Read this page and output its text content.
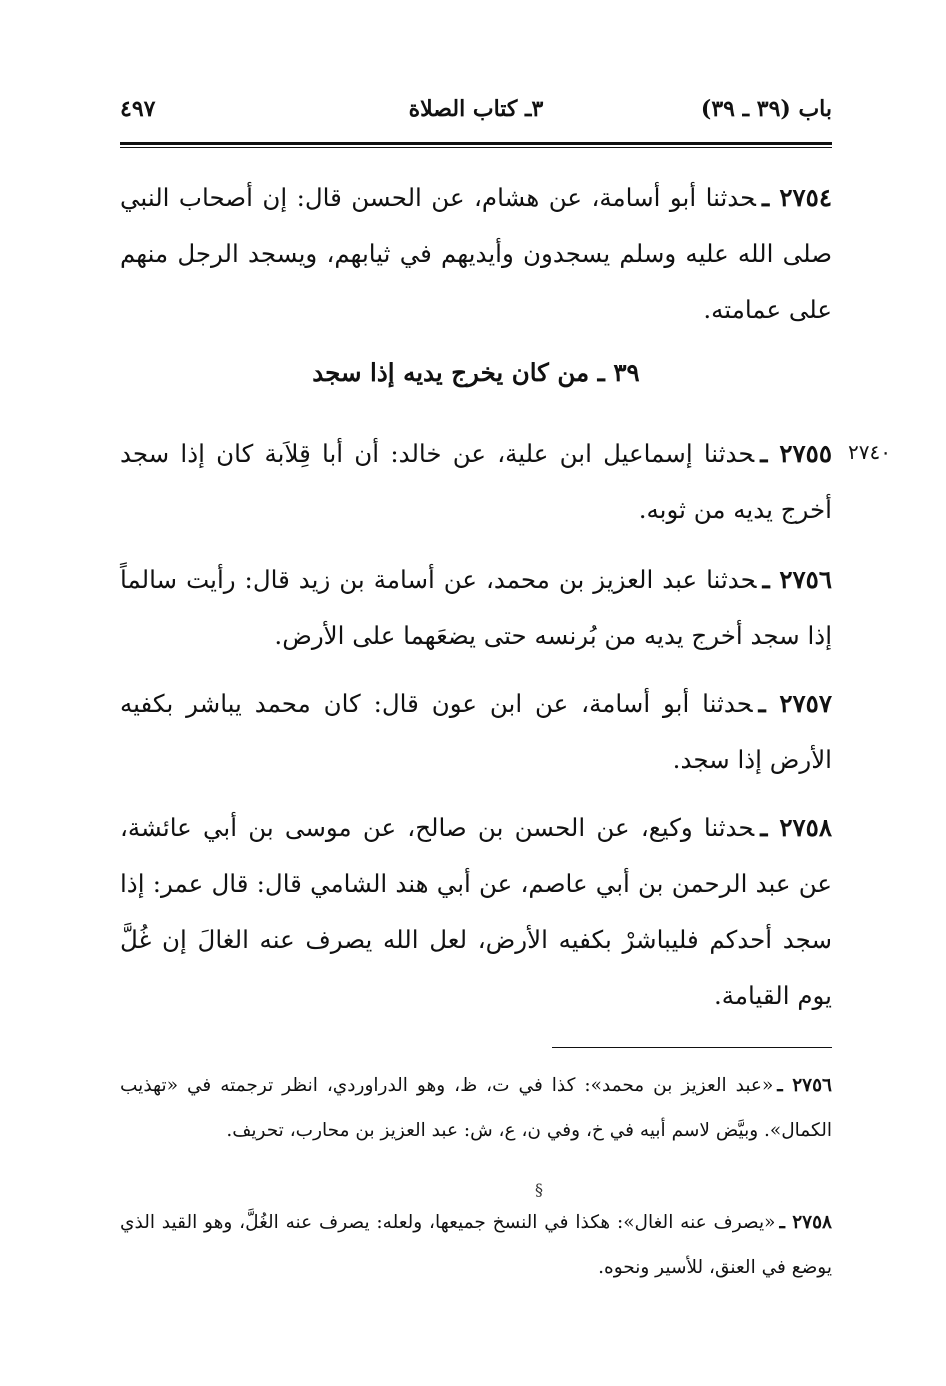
باب (٣٩ ـ ٣٩)
٣ـ كتاب الصلاة
٤٩٧

٢٧٥٤ ـحدثنا أبو أسامة، عن هشام، عن الحسن قال: إن أصحاب النبي صلى الله عليه وسلم يسجدون وأيديهم في ثيابهم، ويسجد الرجل منهم على عمامته.

٣٩ ـ من كان يخرج يديه إذا سجد

٢٧٤٠

٢٧٥٥ ـحدثنا إسماعيل ابن علية، عن خالد: أن أبا قِلاَبة كان إذا سجد أخرج يديه من ثوبه.

٢٧٥٦ ـحدثنا عبد العزيز بن محمد، عن أسامة بن زيد قال: رأيت سالماً إذا سجد أخرج يديه من بُرنسه حتى يضعَهما على الأرض.

٢٧٥٧ ـحدثنا أبو أسامة، عن ابن عون قال: كان محمد يباشر بكفيه الأرض إذا سجد.

٢٧٥٨ ـحدثنا وكيع، عن الحسن بن صالح، عن موسى بن أبي عائشة، عن عبد الرحمن بن أبي عاصم، عن أبي هند الشامي قال: قال عمر: إذا سجد أحدكم فليباشرْ بكفيه الأرض، لعل الله يصرف عنه الغالَ إن غُلَّ يوم القيامة.

٢٧٥٦ ـ«عبد العزيز بن محمد»: كذا في ت، ظ، وهو الدراوردي، انظر ترجمته في «تهذيب الكمال». وبيَّض لاسم أبيه في خ، وفي ن، ع، ش: عبد العزيز بن محارب، تحريف.

§

٢٧٥٨ ـ«يصرف عنه الغال»: هكذا في النسخ جميعها، ولعله: يصرف عنه الغُلَّ، وهو القيد الذي يوضع في العنق، للأسير ونحوه.
